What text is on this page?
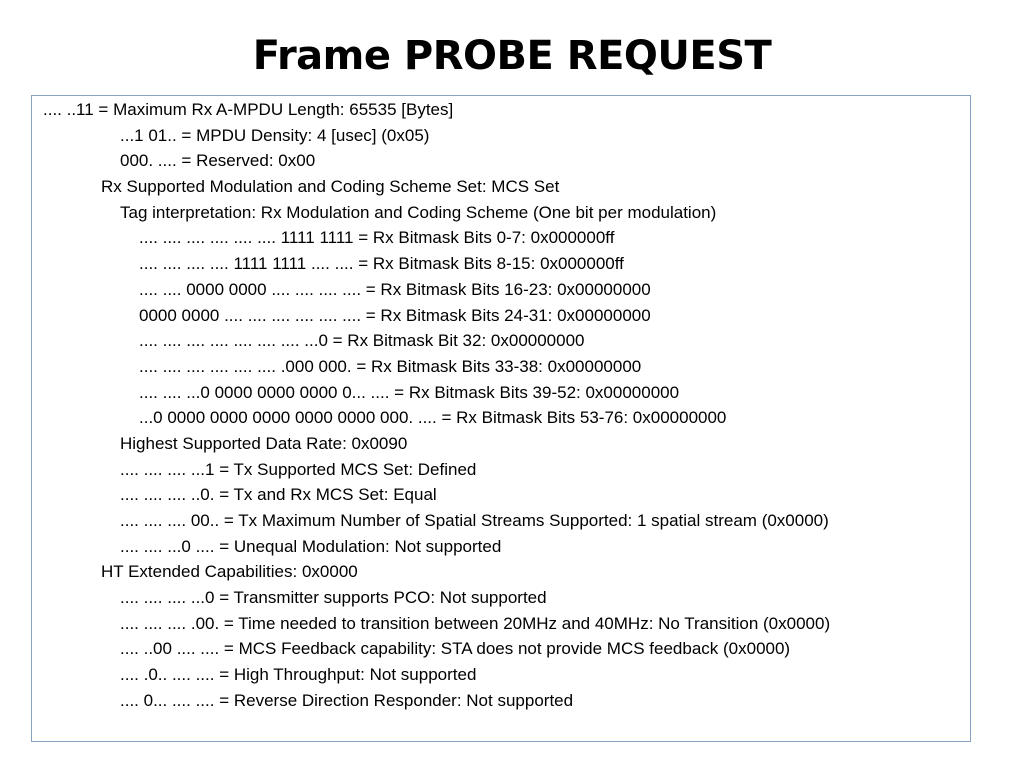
Frame PROBE REQUEST
.... ..11 = Maximum Rx A-MPDU Length: 65535 [Bytes]
...1 01.. = MPDU Density: 4 [usec] (0x05)
000. .... = Reserved: 0x00
Rx Supported Modulation and Coding Scheme Set: MCS Set
Tag interpretation: Rx Modulation and Coding Scheme (One bit per modulation)
.... .... .... .... .... .... 1111 1111 = Rx Bitmask Bits 0-7: 0x000000ff
.... .... .... .... 1111 1111 .... .... = Rx Bitmask Bits 8-15: 0x000000ff
.... .... 0000 0000 .... .... .... .... = Rx Bitmask Bits 16-23: 0x00000000
0000 0000 .... .... .... .... .... .... = Rx Bitmask Bits 24-31: 0x00000000
.... .... .... .... .... .... .... ...0 = Rx Bitmask Bit 32: 0x00000000
.... .... .... .... .... .... .000 000. = Rx Bitmask Bits 33-38: 0x00000000
.... .... ...0 0000 0000 0000 0... .... = Rx Bitmask Bits 39-52: 0x00000000
...0 0000 0000 0000 0000 0000 000. .... = Rx Bitmask Bits 53-76: 0x00000000
Highest Supported Data Rate: 0x0090
.... .... .... ...1 = Tx Supported MCS Set: Defined
.... .... .... ..0. = Tx and Rx MCS Set: Equal
.... .... .... 00.. = Tx Maximum Number of Spatial Streams Supported: 1 spatial stream (0x0000)
.... .... ...0 .... = Unequal Modulation: Not supported
HT Extended Capabilities: 0x0000
.... .... .... ...0 = Transmitter supports PCO: Not supported
.... .... .... .00. = Time needed to transition between 20MHz and 40MHz: No Transition (0x0000)
.... ..00 .... .... = MCS Feedback capability: STA does not provide MCS feedback (0x0000)
.... .0.. .... .... = High Throughput: Not supported
.... 0... .... .... = Reverse Direction Responder: Not supported
